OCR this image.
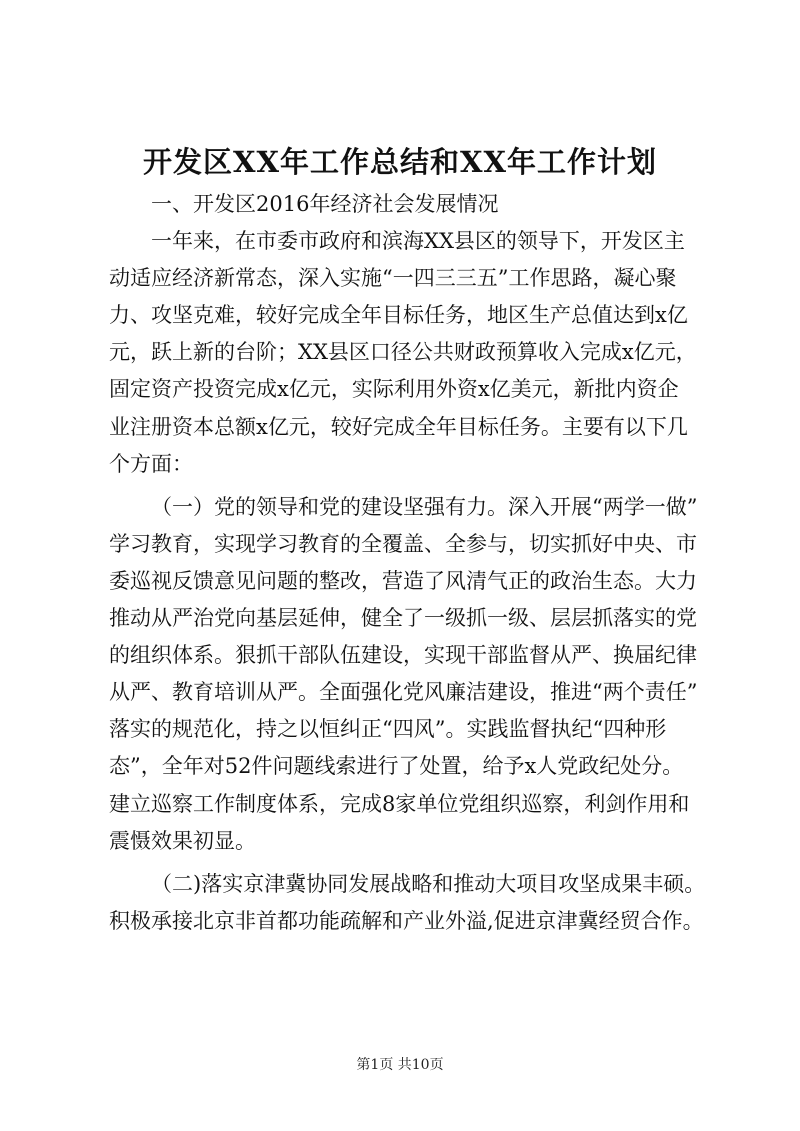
开发区XX年工作总结和XX年工作计划
一、开发区2016年经济社会发展情况
一年来，在市委市政府和滨海XX县区的领导下，开发区主
动适应经济新常态，深入实施“一四三三五”工作思路，凝心聚
力、攻坚克难，较好完成全年目标任务，地区生产总值达到x亿
元，跃上新的台阶；XX县区口径公共财政预算收入完成x亿元，
固定资产投资完成x亿元，实际利用外资x亿美元，新批内资企
业注册资本总额x亿元，较好完成全年目标任务。主要有以下几
个方面：
（一）党的领导和党的建设坚强有力。深入开展“两学一做”
学习教育，实现学习教育的全覆盖、全参与，切实抓好中央、市
委巡视反馈意见问题的整改，营造了风清气正的政治生态。大力
推动从严治党向基层延伸，健全了一级抓一级、层层抓落实的党
的组织体系。狠抓干部队伍建设，实现干部监督从严、换届纪律
从严、教育培训从严。全面强化党风廉洁建设，推进“两个责任”
落实的规范化，持之以恒纠正“四风”。实践监督执纪“四种形
态”，全年对52件问题线索进行了处置，给予x人党政纪处分。
建立巡察工作制度体系，完成8家单位党组织巡察，利剑作用和
震慑效果初显。
（二)落实京津冀协同发展战略和推动大项目攻坚成果丰硕。
积极承接北京非首都功能疏解和产业外溢,促进京津冀经贸合作。
第1页 共10页
